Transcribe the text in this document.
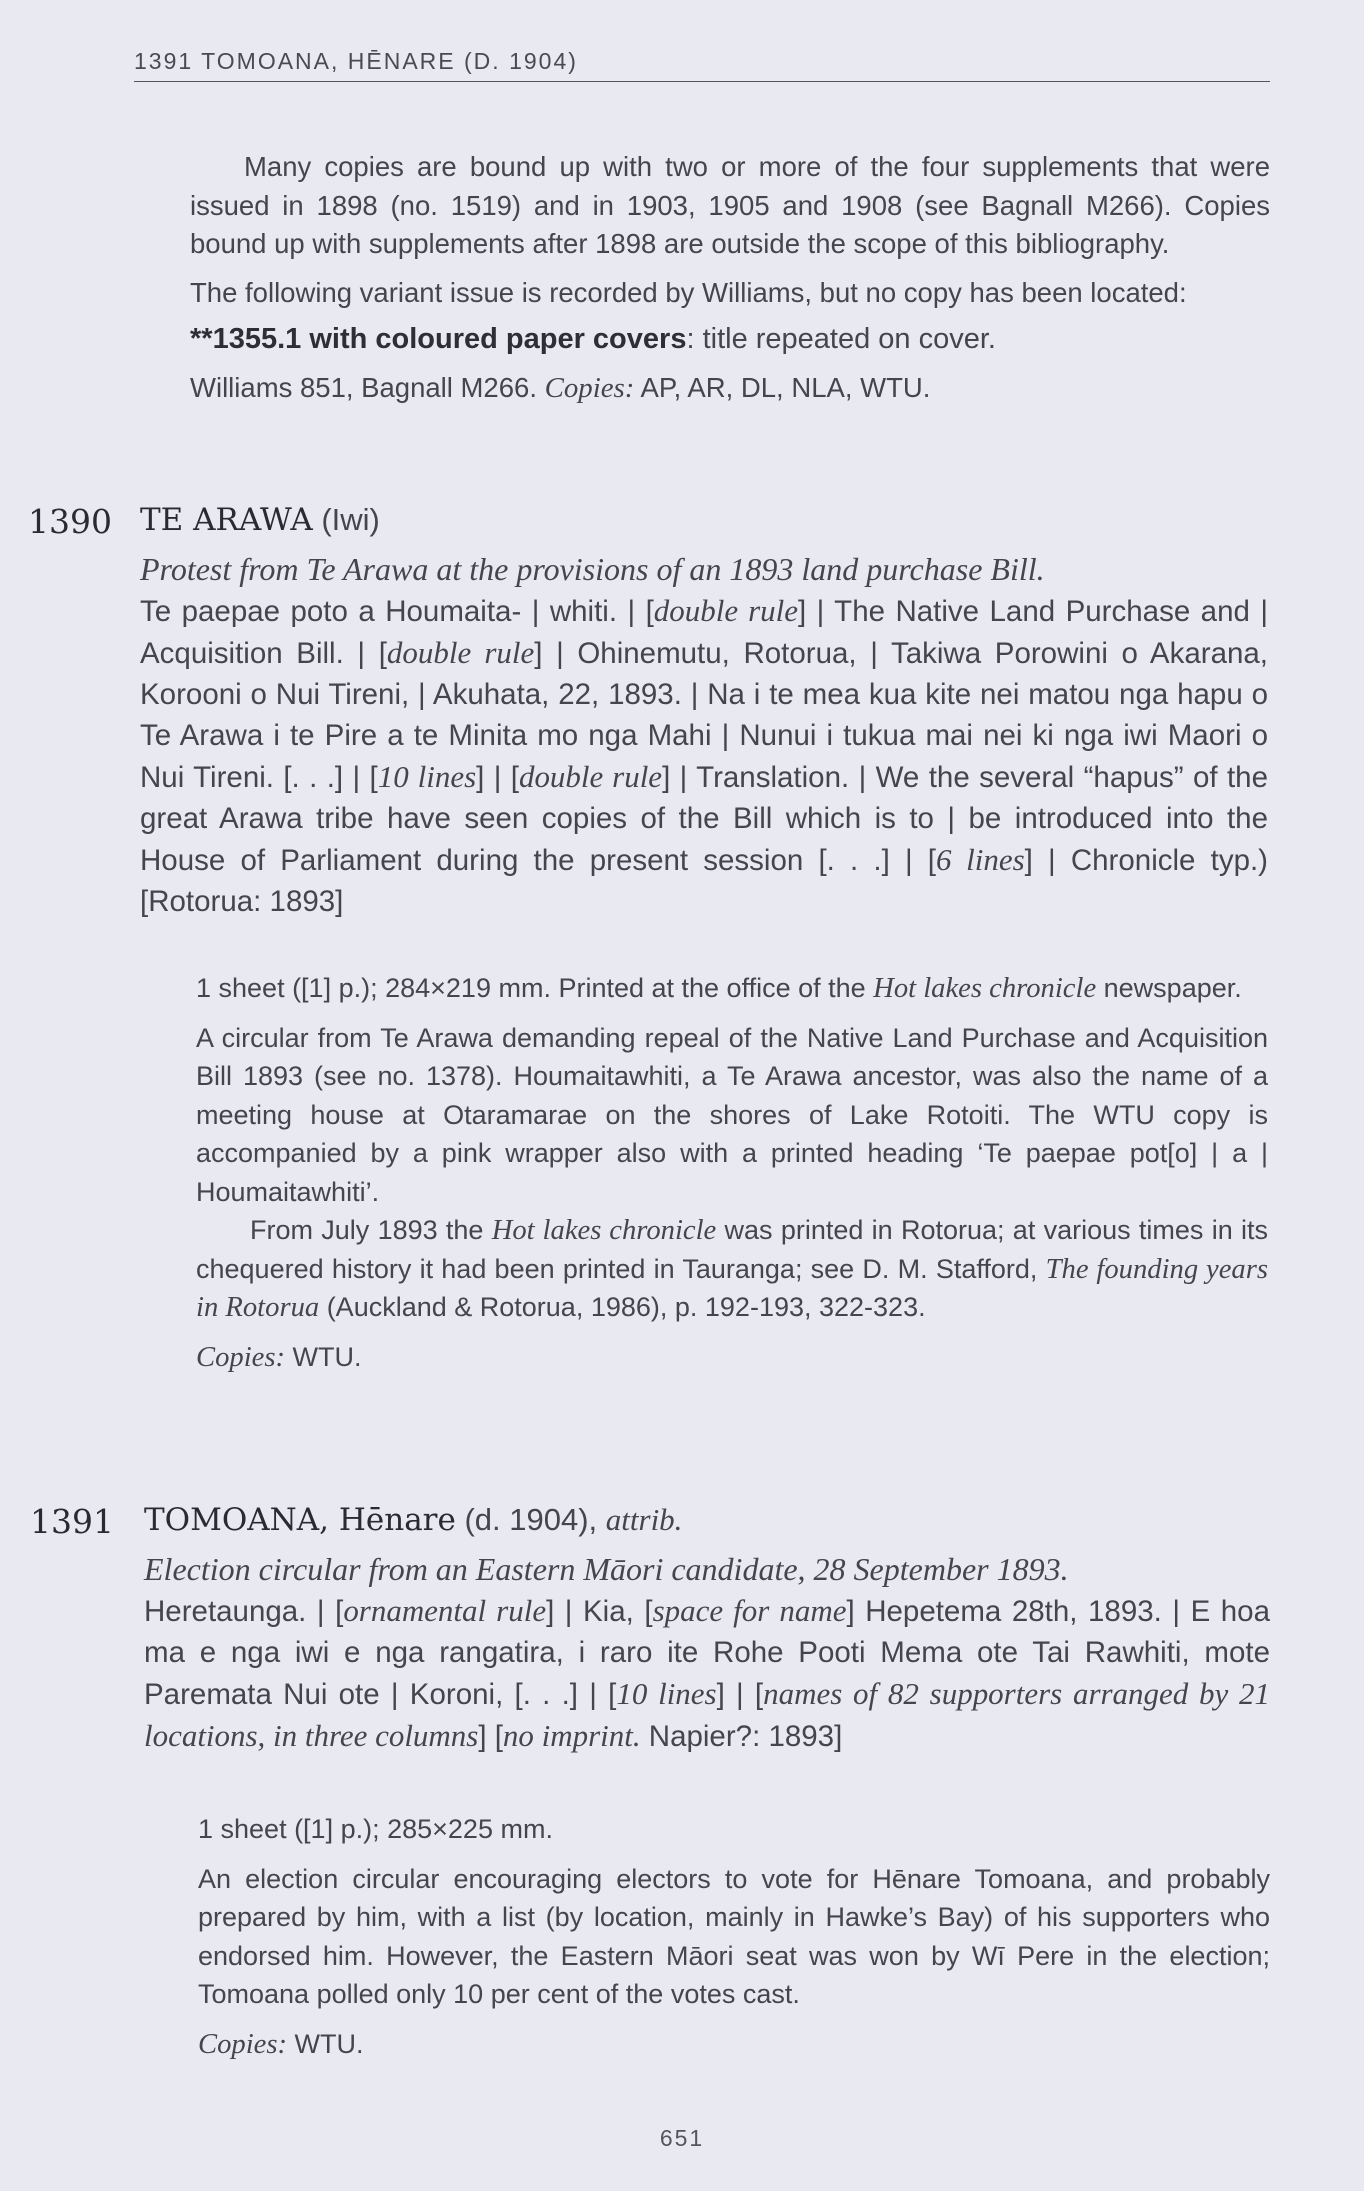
1391 TOMOANA, HĒNARE (D. 1904)

Many copies are bound up with two or more of the four supplements that were issued in 1898 (no. 1519) and in 1903, 1905 and 1908 (see Bagnall M266). Copies bound up with supplements after 1898 are outside the scope of this bibliography.

The following variant issue is recorded by Williams, but no copy has been located:

**1355.1 with coloured paper covers: title repeated on cover.

Williams 851, Bagnall M266. Copies: AP, AR, DL, NLA, WTU.

1390 TE ARAWA (Iwi)

Protest from Te Arawa at the provisions of an 1893 land purchase Bill.

Te paepae poto a Houmaita- | whiti. | [double rule] | The Native Land Purchase and | Acquisition Bill. | [double rule] | Ohinemutu, Rotorua, | Takiwa Porowini o Akarana, Korooni o Nui Tireni, | Akuhata, 22, 1893. | Na i te mea kua kite nei matou nga hapu o Te Arawa i te Pire a te Minita mo nga Mahi | Nunui i tukua mai nei ki nga iwi Maori o Nui Tireni. [. . .] | [10 lines] | [double rule] | Translation. | We the several “hapus” of the great Arawa tribe have seen copies of the Bill which is to | be introduced into the House of Parliament during the present session [. . .] | [6 lines] | Chronicle typ.) [Rotorua: 1893]

1 sheet ([1] p.); 284×219 mm. Printed at the office of the Hot lakes chronicle newspaper.

A circular from Te Arawa demanding repeal of the Native Land Purchase and Acquisition Bill 1893 (see no. 1378). Houmaitawhiti, a Te Arawa ancestor, was also the name of a meeting house at Otaramarae on the shores of Lake Rotoiti. The WTU copy is accompanied by a pink wrapper also with a printed heading ‘Te paepae pot[o] | a | Houmaitawhiti’.

From July 1893 the Hot lakes chronicle was printed in Rotorua; at various times in its chequered history it had been printed in Tauranga; see D. M. Stafford, The founding years in Rotorua (Auckland & Rotorua, 1986), p. 192-193, 322-323.

Copies: WTU.

1391 TOMOANA, Hēnare (d. 1904), attrib.

Election circular from an Eastern Māori candidate, 28 September 1893.

Heretaunga. | [ornamental rule] | Kia, [space for name] Hepetema 28th, 1893. | E hoa ma e nga iwi e nga rangatira, i raro ite Rohe Pooti Mema ote Tai Rawhiti, mote Paremata Nui ote | Koroni, [. . .] | [10 lines] | [names of 82 supporters arranged by 21 locations, in three columns] [no imprint. Napier?: 1893]

1 sheet ([1] p.); 285×225 mm.

An election circular encouraging electors to vote for Hēnare Tomoana, and probably prepared by him, with a list (by location, mainly in Hawke’s Bay) of his supporters who endorsed him. However, the Eastern Māori seat was won by Wī Pere in the election; Tomoana polled only 10 per cent of the votes cast.

Copies: WTU.

651
